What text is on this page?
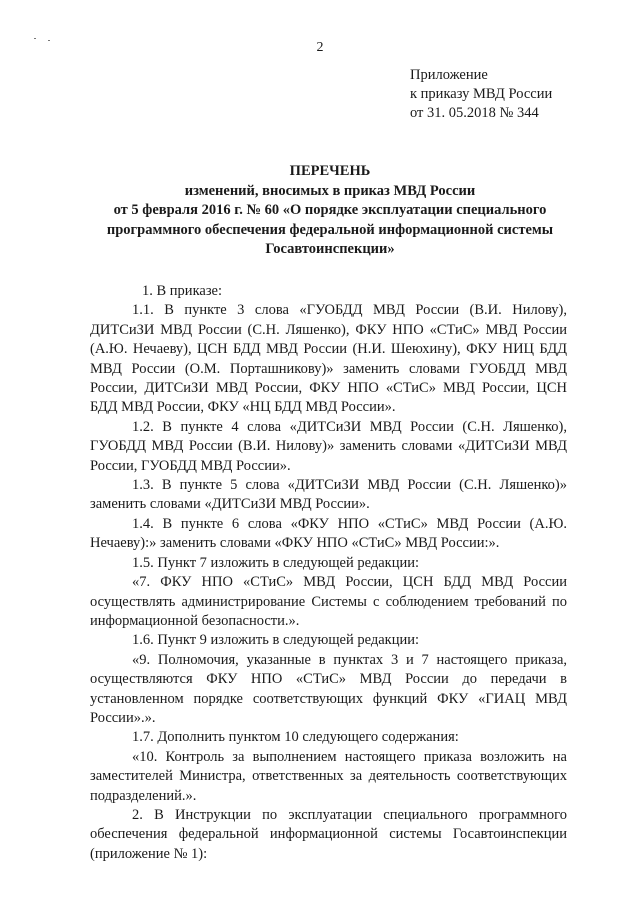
2
Приложение
к приказу МВД России
от 31. 05.2018 № 344
ПЕРЕЧЕНЬ
изменений, вносимых в приказ МВД России
от 5 февраля 2016 г. № 60 «О порядке эксплуатации специального
программного обеспечения федеральной информационной системы
Госавтоинспекции»

1. В приказе:

1.1. В пункте 3 слова «ГУОБДД МВД России (В.И. Нилову), ДИТСиЗИ МВД России (С.Н. Ляшенко), ФКУ НПО «СТиС» МВД России (А.Ю. Нечаеву), ЦСН БДД МВД России (Н.И. Шеюхину), ФКУ НИЦ БДД МВД России (О.М. Порташникову)» заменить словами ГУОБДД МВД России, ДИТСиЗИ МВД России, ФКУ НПО «СТиС» МВД России, ЦСН БДД МВД России, ФКУ «НЦ БДД МВД России».

1.2. В пункте 4 слова «ДИТСиЗИ МВД России (С.Н. Ляшенко), ГУОБДД МВД России (В.И. Нилову)» заменить словами «ДИТСиЗИ МВД России, ГУОБДД МВД России».

1.3. В пункте 5 слова «ДИТСиЗИ МВД России (С.Н. Ляшенко)» заменить словами «ДИТСиЗИ МВД России».

1.4. В пункте 6 слова «ФКУ НПО «СТиС» МВД России (А.Ю. Нечаеву):» заменить словами «ФКУ НПО «СТиС» МВД России:».

1.5. Пункт 7 изложить в следующей редакции:

«7. ФКУ НПО «СТиС» МВД России, ЦСН БДД МВД России осуществлять администрирование Системы с соблюдением требований по информационной безопасности.».

1.6. Пункт 9 изложить в следующей редакции:

«9. Полномочия, указанные в пунктах 3 и 7 настоящего приказа, осуществляются ФКУ НПО «СТиС» МВД России до передачи в установленном порядке соответствующих функций ФКУ «ГИАЦ МВД России».».

1.7. Дополнить пунктом 10 следующего содержания:

«10. Контроль за выполнением настоящего приказа возложить на заместителей Министра, ответственных за деятельность соответствующих подразделений.».

2. В Инструкции по эксплуатации специального программного обеспечения федеральной информационной системы Госавтоинспекции (приложение № 1):
